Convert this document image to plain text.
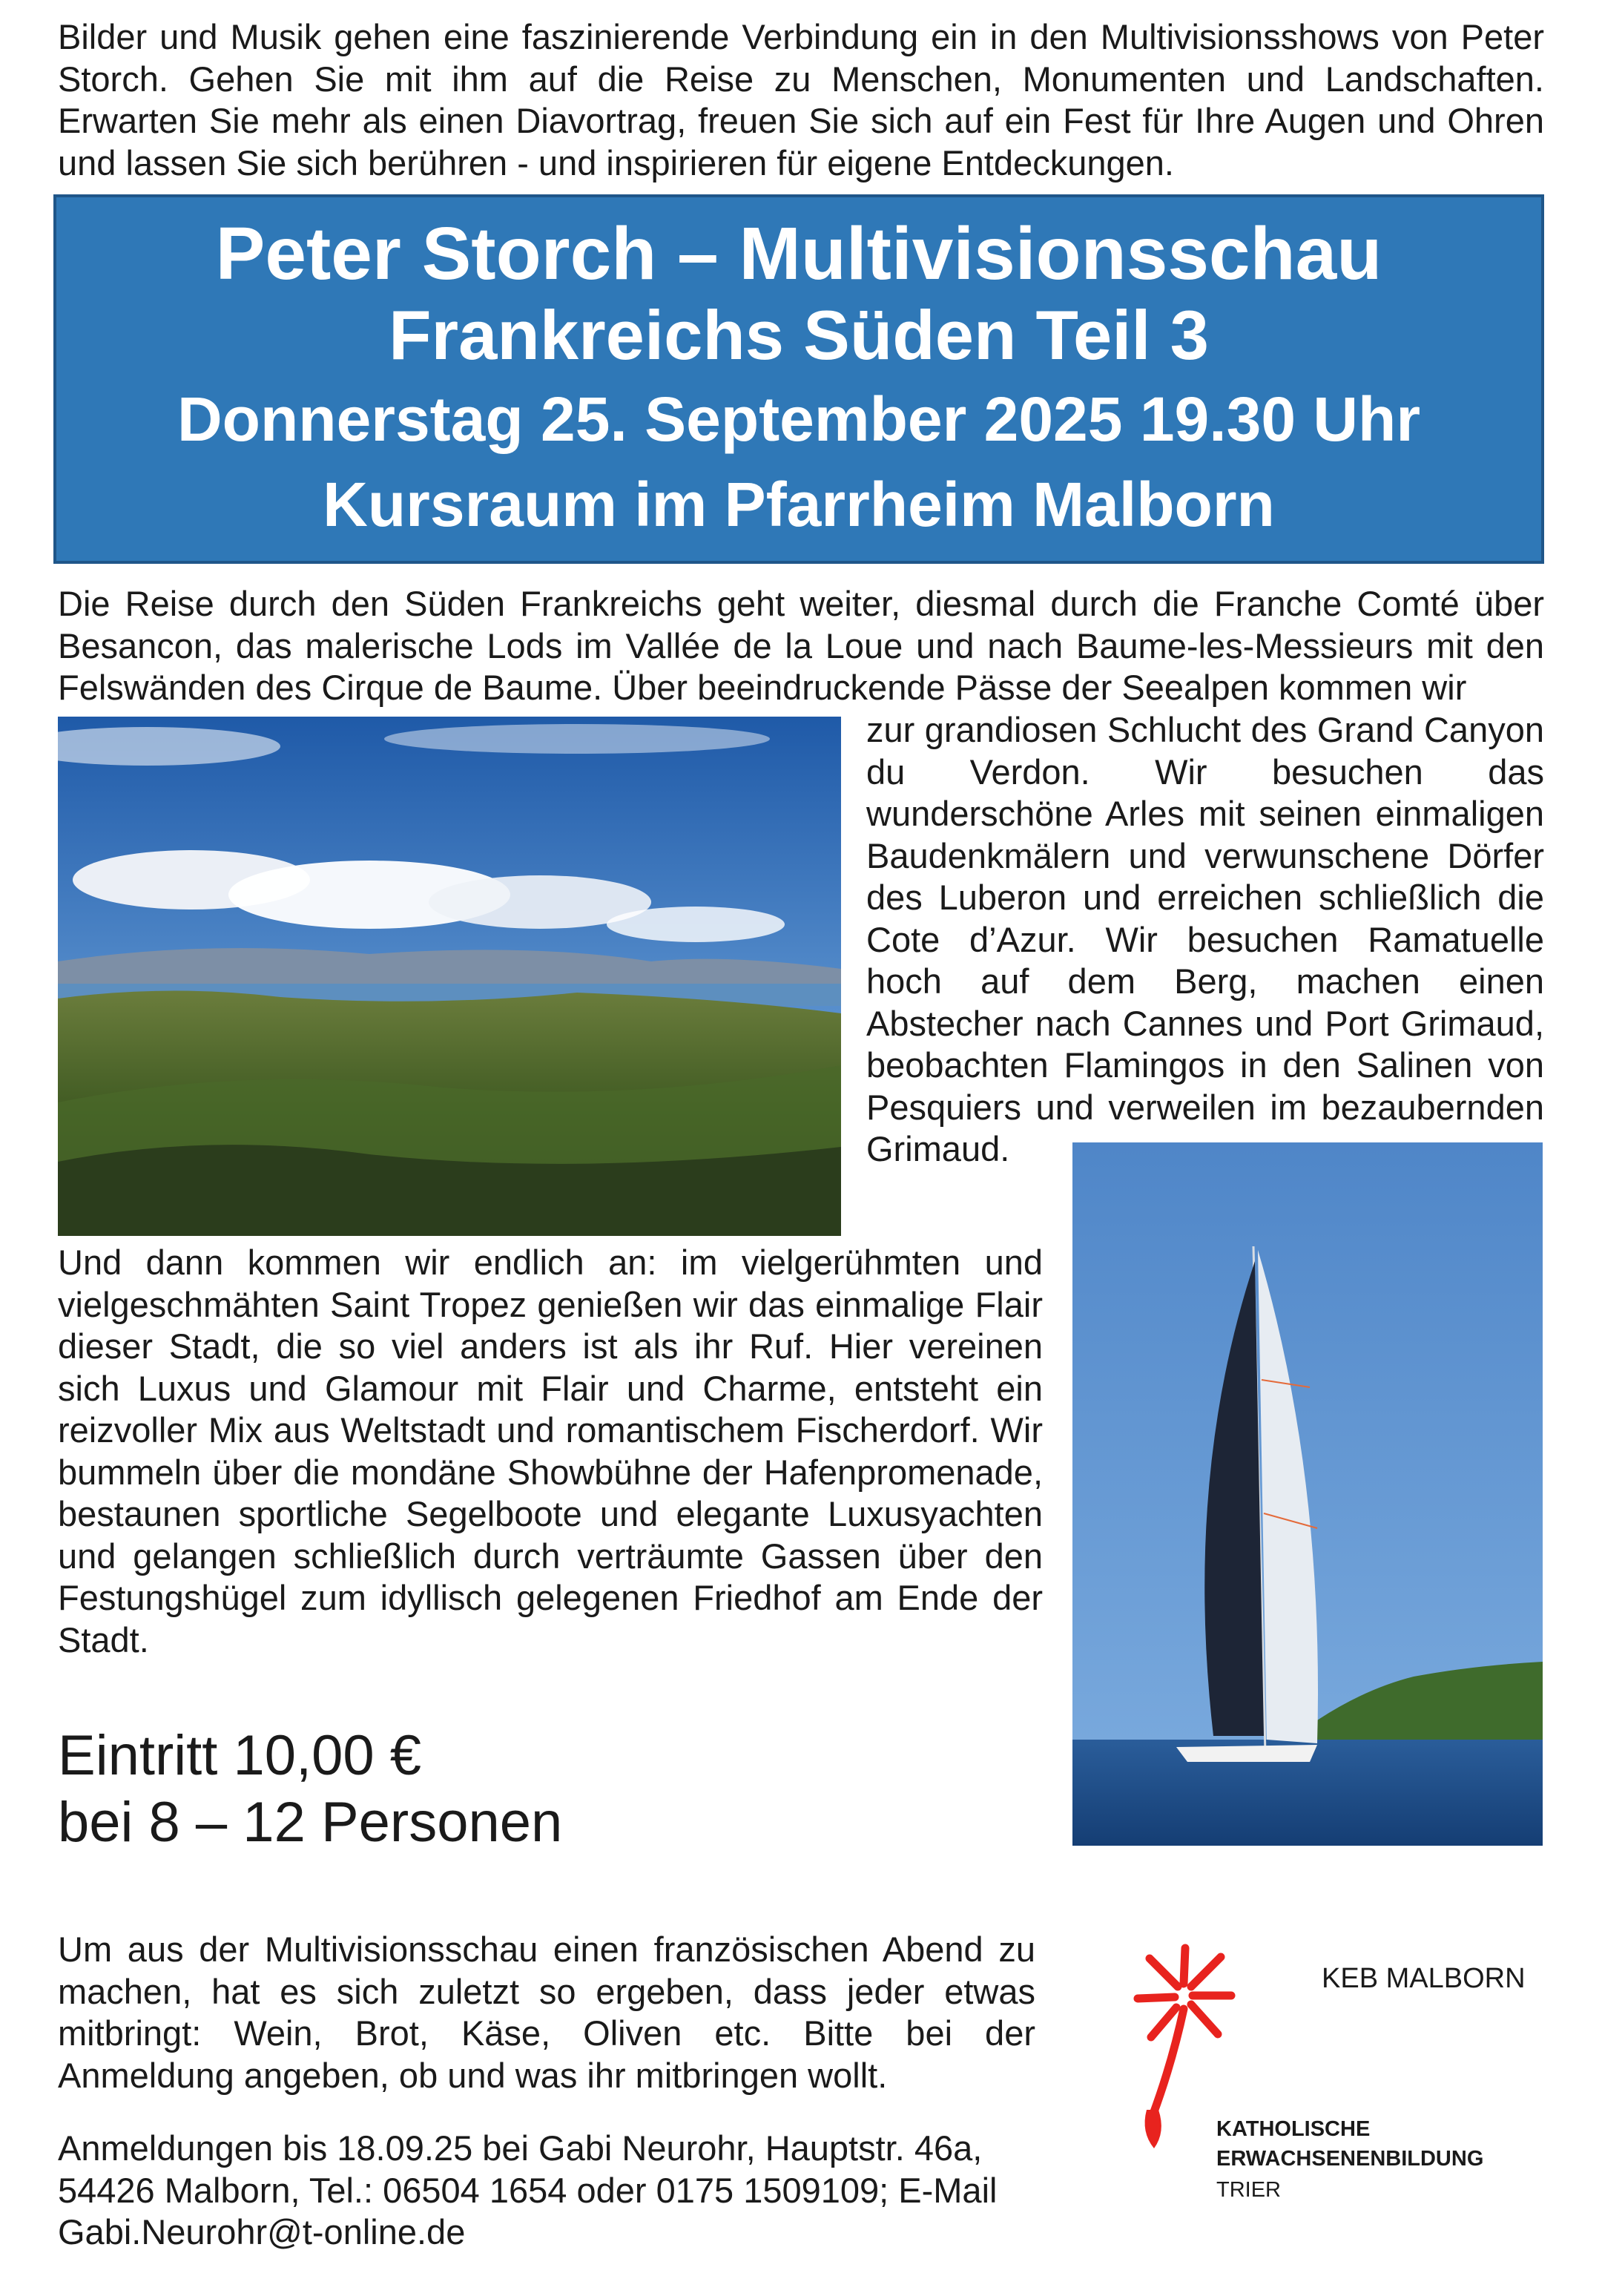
Bilder und Musik gehen eine faszinierende Verbindung ein in den Multivisionsshows von Peter Storch. Gehen Sie mit ihm auf die Reise zu Menschen, Monumenten und Landschaften. Erwarten Sie mehr als einen Diavortrag, freuen Sie sich auf ein Fest für Ihre Augen und Ohren und lassen Sie sich berühren - und inspirieren für eigene Entdeckungen.

Peter Storch – Multivisionsschau
Frankreichs Süden Teil 3
Donnerstag 25. September 2025 19.30 Uhr
Kursraum im Pfarrheim Malborn

Die Reise durch den Süden Frankreichs geht weiter, diesmal durch die Franche Comté über Besancon, das malerische Lods im Vallée de la Loue und nach Baume-les-Messieurs mit den Felswänden des Cirque de Baume. Über beeindruckende Pässe der Seealpen kommen wir

zur grandiosen Schlucht des Grand Canyon du Verdon. Wir besuchen das wunderschöne Arles mit seinen einmaligen Baudenkmälern und verwunschene Dörfer des Luberon und erreichen schließlich die Cote d’Azur. Wir besuchen Ramatuelle hoch auf dem Berg, machen einen Abstecher nach Cannes und Port Grimaud, beobachten Flamingos in den Salinen von Pesquiers und verweilen im bezaubernden Grimaud.

Und dann kommen wir endlich an: im vielgerühmten und vielgeschmähten Saint Tropez genießen wir das einmalige Flair dieser Stadt, die so viel anders ist als ihr Ruf. Hier vereinen sich Luxus und Glamour mit Flair und Charme, entsteht ein reizvoller Mix aus Weltstadt und romantischem Fischerdorf. Wir bummeln über die mondäne Showbühne der Hafenpromenade, bestaunen sportliche Segelboote und elegante Luxusyachten und gelangen schließlich durch verträumte Gassen über den Festungshügel zum idyllisch gelegenen Friedhof am Ende der Stadt.

Eintritt 10,00 €
bei 8 – 12 Personen

Um aus der Multivisionsschau einen französischen Abend zu machen, hat es sich zuletzt so ergeben, dass jeder etwas mitbringt: Wein, Brot, Käse, Oliven etc. Bitte bei der Anmeldung angeben, ob und was ihr mitbringen wollt.

Anmeldungen bis 18.09.25 bei Gabi Neurohr, Hauptstr. 46a,
54426 Malborn, Tel.: 06504 1654 oder 0175 1509109; E-Mail
Gabi.Neurohr@t-online.de
KEB MALBORN
KATHOLISCHE
ERWACHSENENBILDUNG
TRIER
